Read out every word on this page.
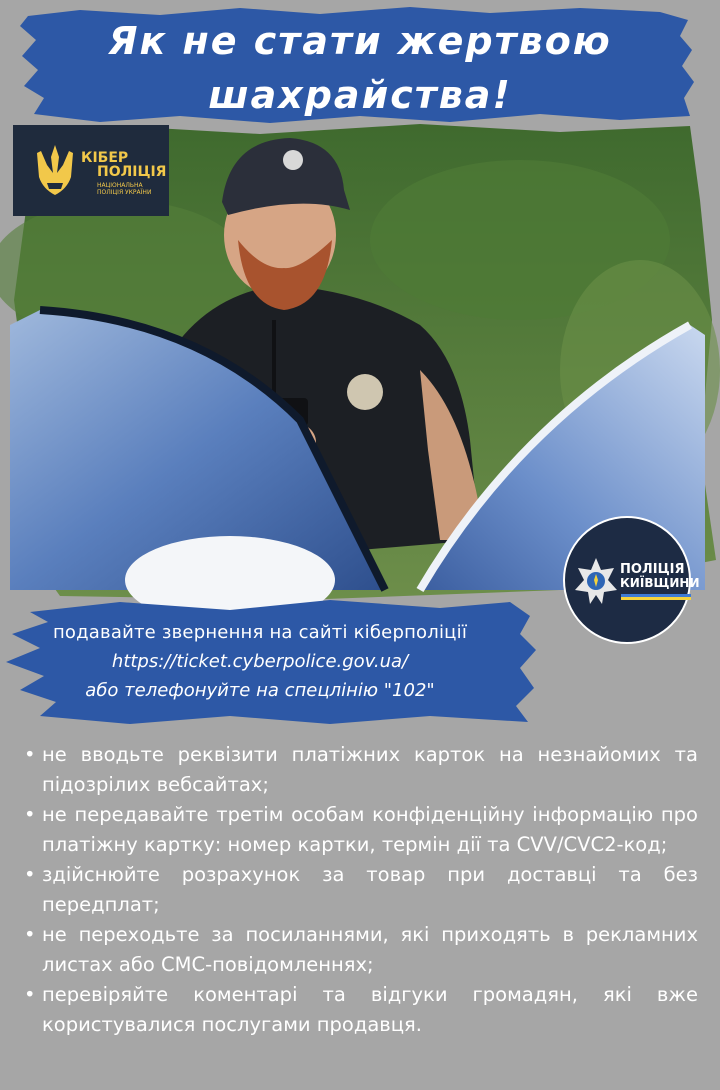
Як не стати жертвою
шахрайства!
КІБЕР
ПОЛІЦІЯ
НАЦІОНАЛЬНА ПОЛІЦІЯ УКРАЇНИ
ПОЛІЦІЯ
КИЇВЩИНИ
подавайте звернення на сайті кіберполіції
https://ticket.cyberpolice.gov.ua/
або телефонуйте на спецлінію "102"
• не вводьте реквізити платіжних карток на незнайомих та підозрілих вебсайтах;
• не передавайте третім особам конфіденційну інформацію про платіжну картку: номер картки, термін дії та CVV/CVC2-код;
• здійснюйте розрахунок за товар при доставці та без передплат;
• не переходьте за посиланнями, які приходять в рекламних листах або СМС-повідомленнях;
• перевіряйте коментарі та відгуки громадян, які вже користувалися послугами продавця.
